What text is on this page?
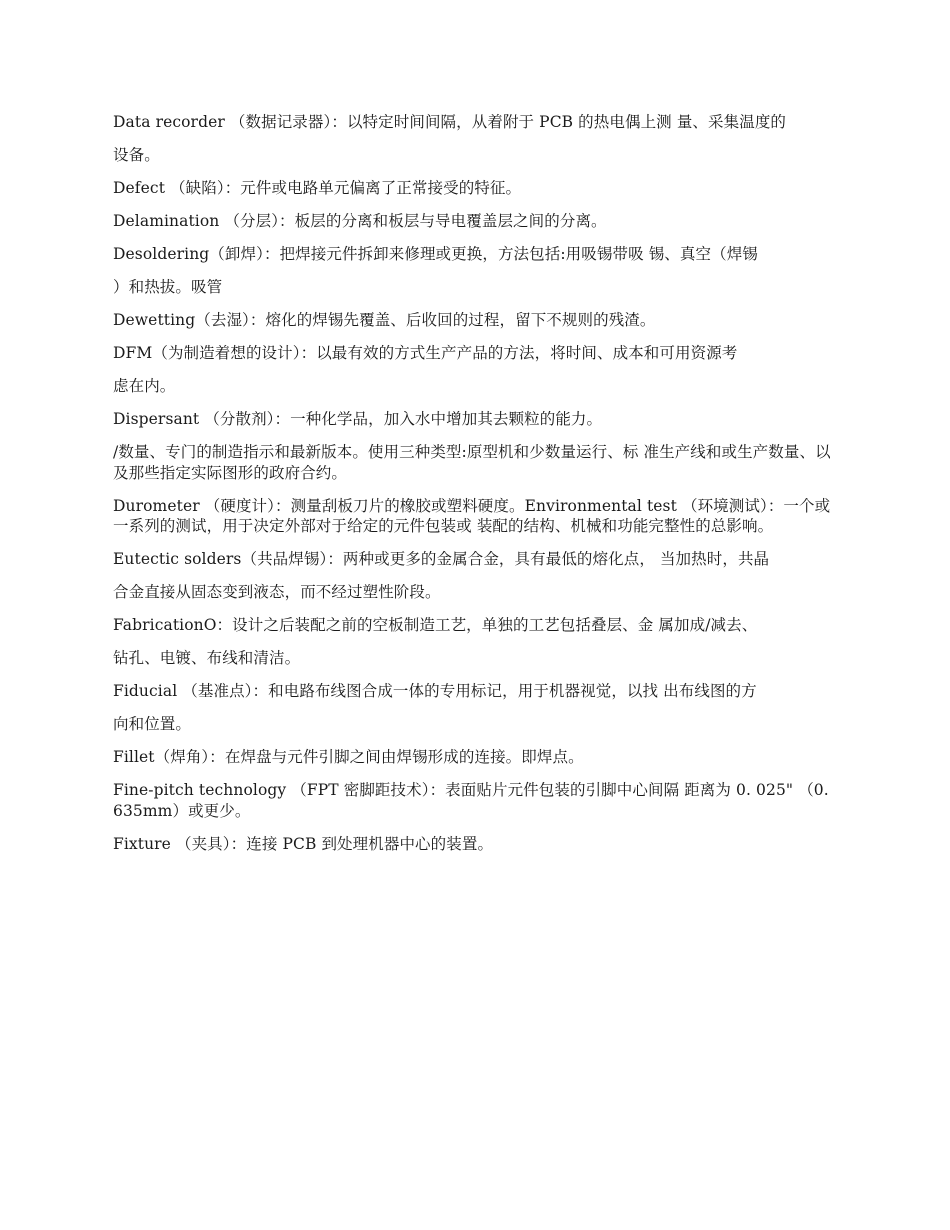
Data recorder （数据记录器）：以特定时间间隔，从着附于 PCB 的热电偶上测 量、采集温度的

设备。

Defect （缺陷）：元件或电路单元偏离了正常接受的特征。

Delamination （分层）：板层的分离和板层与导电覆盖层之间的分离。

Desoldering（卸焊）：把焊接元件拆卸来修理或更换，方法包括:用吸锡带吸 锡、真空（焊锡

）和热拔。吸管

Dewetting（去湿）：熔化的焊锡先覆盖、后收回的过程，留下不规则的残渣。

DFM（为制造着想的设计）：以最有效的方式生产产品的方法，将时间、成本和可用资源考

虑在内。

Dispersant （分散剂）：一种化学品，加入水中增加其去颗粒的能力。

/数量、专门的制造指示和最新版本。使用三种类型:原型机和少数量运行、标 准生产线和或生产数量、以及那些指定实际图形的政府合约。

Durometer （硬度计）：测量刮板刀片的橡胶或塑料硬度。Environmental test （环境测试）：一个或一系列的测试，用于决定外部对于给定的元件包装或 装配的结构、机械和功能完整性的总影响。

Eutectic solders（共品焊锡）：两种或更多的金属合金，具有最低的熔化点， 当加热时，共晶

合金直接从固态变到液态，而不经过塑性阶段。

FabricationO：设计之后装配之前的空板制造工艺，单独的工艺包括叠层、金 属加成/减去、

钻孔、电镀、布线和清洁。

Fiducial （基准点）：和电路布线图合成一体的专用标记，用于机器视觉，以找 出布线图的方

向和位置。

Fillet（焊角）：在焊盘与元件引脚之间由焊锡形成的连接。即焊点。

Fine-pitch technology （FPT 密脚距技术）：表面贴片元件包装的引脚中心间隔 距离为 0. 025" （0. 635mm）或更少。

Fixture （夹具）：连接 PCB 到处理机器中心的装置。
